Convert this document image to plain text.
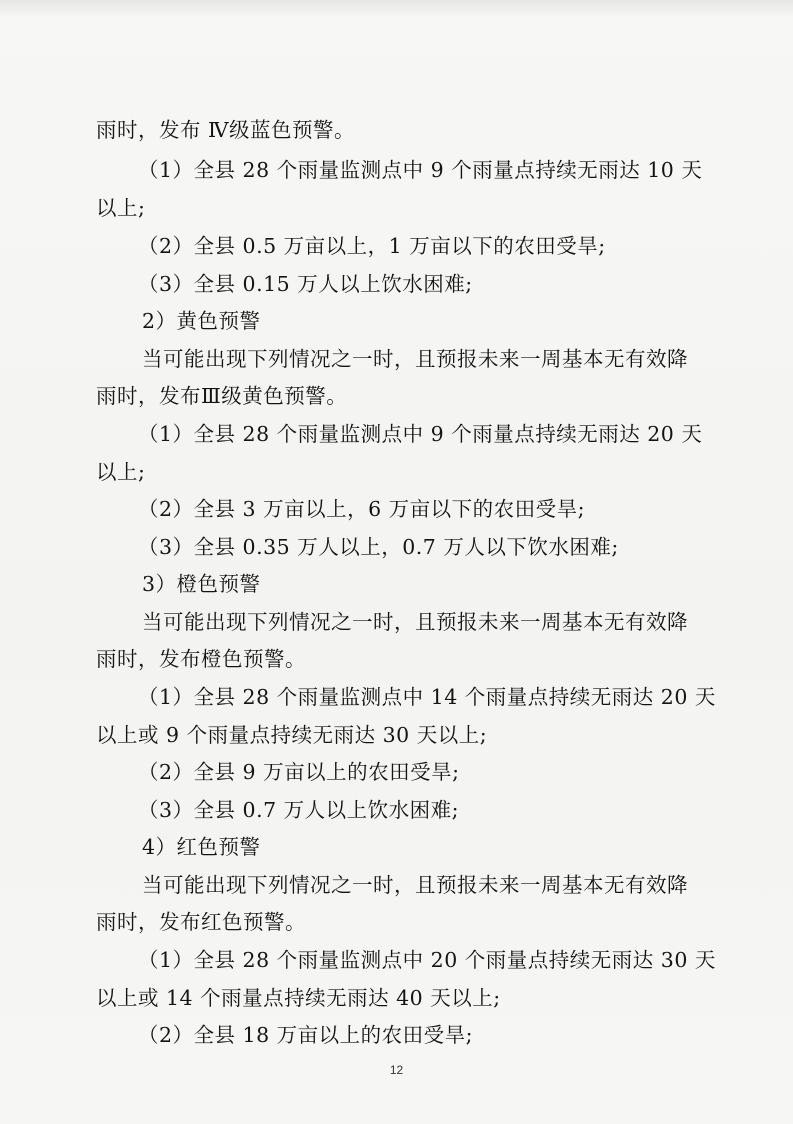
雨时，发布 Ⅳ级蓝色预警。
（1）全县 28 个雨量监测点中 9 个雨量点持续无雨达 10 天
以上;
（2）全县 0.5 万亩以上，1 万亩以下的农田受旱;
（3）全县 0.15 万人以上饮水困难;
2）黄色预警
当可能出现下列情况之一时，且预报未来一周基本无有效降
雨时，发布Ⅲ级黄色预警。
（1）全县 28 个雨量监测点中 9 个雨量点持续无雨达 20 天
以上;
（2）全县 3 万亩以上，6 万亩以下的农田受旱;
（3）全县 0.35 万人以上，0.7 万人以下饮水困难;
3）橙色预警
当可能出现下列情况之一时，且预报未来一周基本无有效降
雨时，发布橙色预警。
（1）全县 28 个雨量监测点中 14 个雨量点持续无雨达 20 天
以上或 9 个雨量点持续无雨达 30 天以上;
（2）全县 9 万亩以上的农田受旱;
（3）全县 0.7 万人以上饮水困难;
4）红色预警
当可能出现下列情况之一时，且预报未来一周基本无有效降
雨时，发布红色预警。
（1）全县 28 个雨量监测点中 20 个雨量点持续无雨达 30 天
以上或 14 个雨量点持续无雨达 40 天以上;
（2）全县 18 万亩以上的农田受旱;
12
